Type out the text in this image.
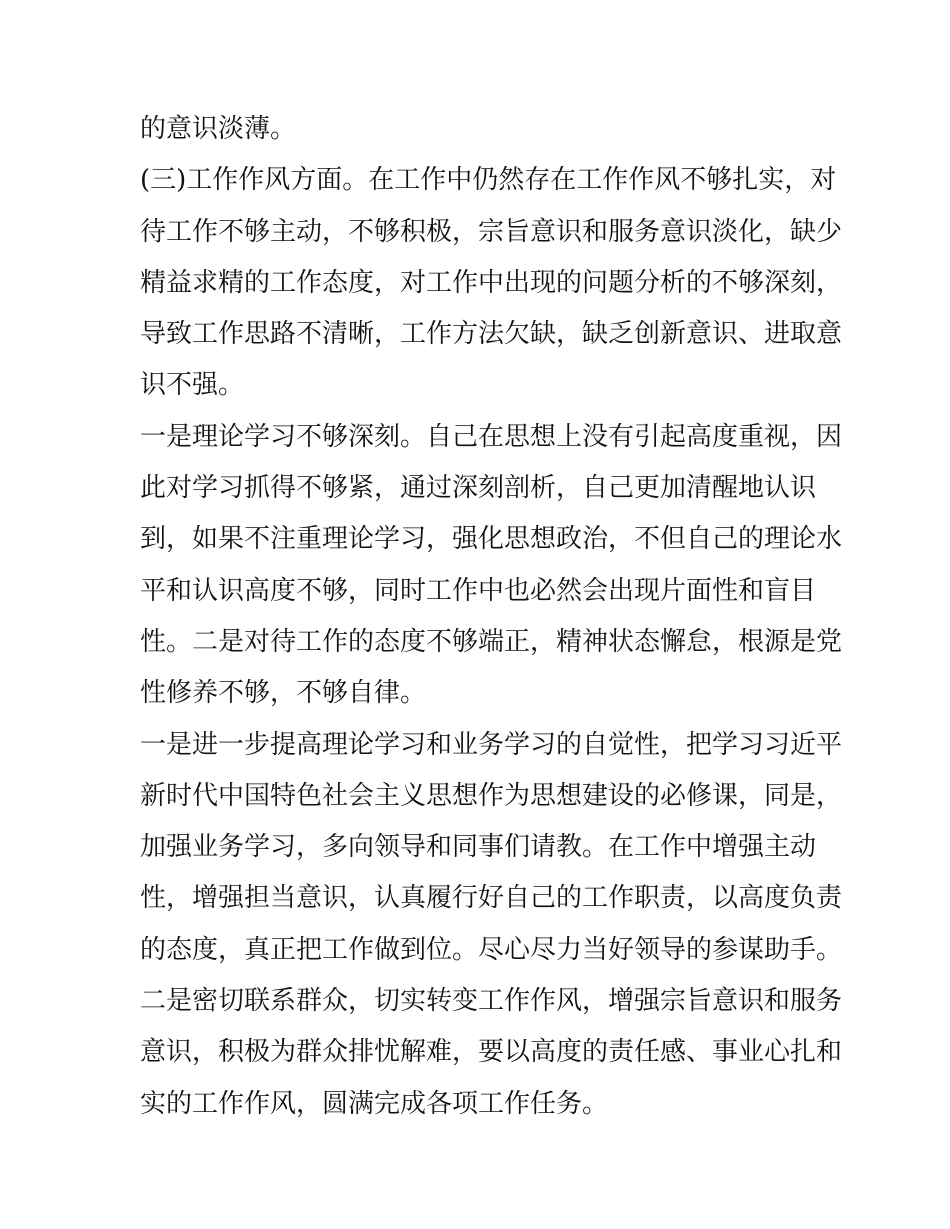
的意识淡薄。
(三)工作作风方面。在工作中仍然存在工作作风不够扎实，对
待工作不够主动，不够积极，宗旨意识和服务意识淡化，缺少
精益求精的工作态度，对工作中出现的问题分析的不够深刻，
导致工作思路不清晰，工作方法欠缺，缺乏创新意识、进取意
识不强。
一是理论学习不够深刻。自己在思想上没有引起高度重视，因
此对学习抓得不够紧，通过深刻剖析，自己更加清醒地认识
到，如果不注重理论学习，强化思想政治，不但自己的理论水
平和认识高度不够，同时工作中也必然会出现片面性和盲目
性。二是对待工作的态度不够端正，精神状态懈怠，根源是党
性修养不够，不够自律。
一是进一步提高理论学习和业务学习的自觉性，把学习习近平
新时代中国特色社会主义思想作为思想建设的必修课，同是，
加强业务学习，多向领导和同事们请教。在工作中增强主动
性，增强担当意识，认真履行好自己的工作职责，以高度负责
的态度，真正把工作做到位。尽心尽力当好领导的参谋助手。
二是密切联系群众，切实转变工作作风，增强宗旨意识和服务
意识，积极为群众排忧解难，要以高度的责任感、事业心扎和
实的工作作风，圆满完成各项工作任务。
